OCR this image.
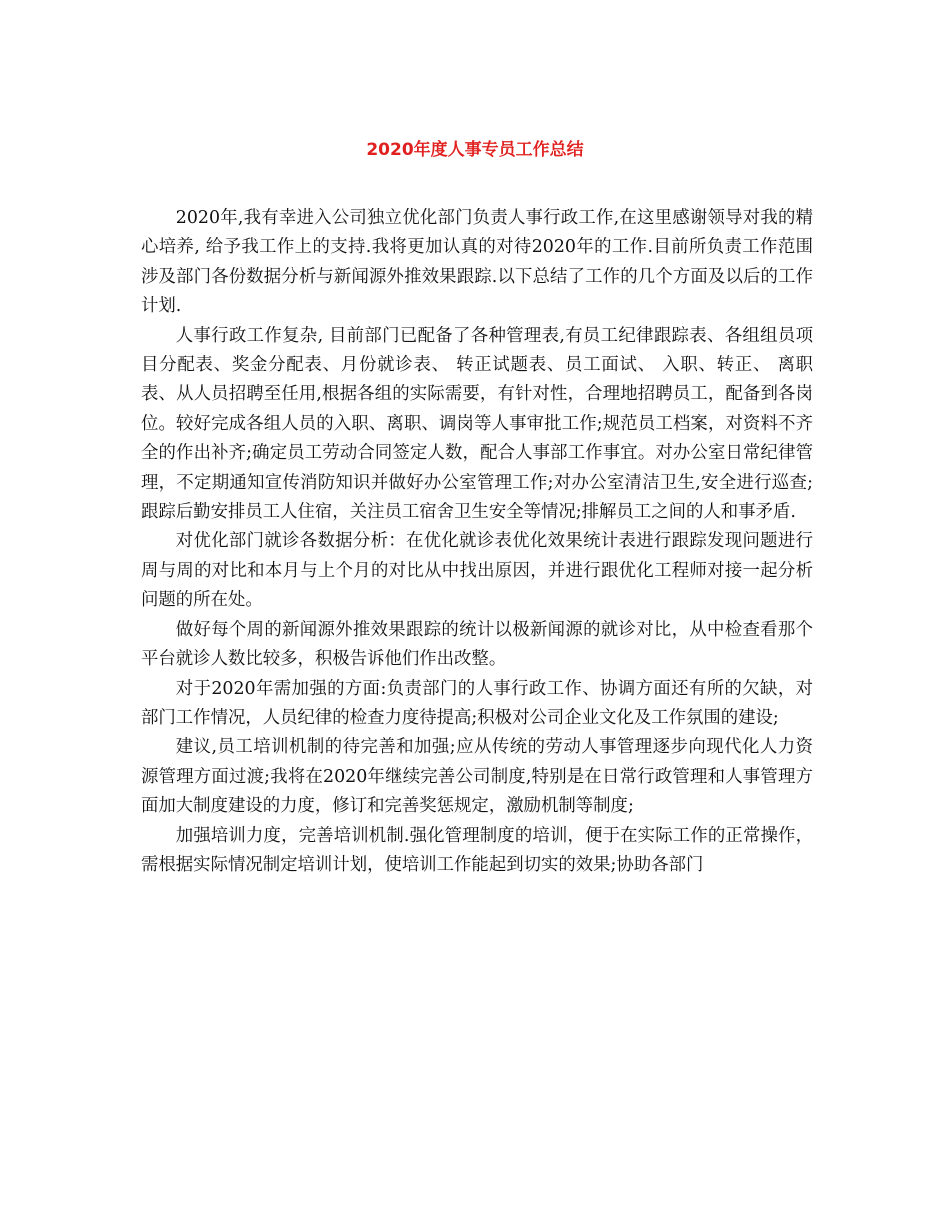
2020年度人事专员工作总结

2020年,我有幸进入公司独立优化部门负责人事行政工作,在这里感谢领导对我的精心培养, 给予我工作上的支持.我将更加认真的对待2020年的工作.目前所负责工作范围涉及部门各份数据分析与新闻源外推效果跟踪.以下总结了工作的几个方面及以后的工作计划.

人事行政工作复杂, 目前部门已配备了各种管理表,有员工纪律跟踪表、各组组员项目分配表、奖金分配表、月份就诊表、 转正试题表、员工面试、 入职、转正、 离职表、从人员招聘至任用,根据各组的实际需要，有针对性，合理地招聘员工，配备到各岗位。较好完成各组人员的入职、离职、调岗等人事审批工作;规范员工档案，对资料不齐全的作出补齐;确定员工劳动合同签定人数，配合人事部工作事宜。对办公室日常纪律管理，不定期通知宣传消防知识并做好办公室管理工作;对办公室清洁卫生,安全进行巡查;跟踪后勤安排员工人住宿，关注员工宿舍卫生安全等情况;排解员工之间的人和事矛盾.

对优化部门就诊各数据分析：在优化就诊表优化效果统计表进行跟踪发现问题进行周与周的对比和本月与上个月的对比从中找出原因，并进行跟优化工程师对接一起分析问题的所在处。

做好每个周的新闻源外推效果跟踪的统计以极新闻源的就诊对比，从中检查看那个平台就诊人数比较多，积极告诉他们作出改整。

对于2020年需加强的方面:负责部门的人事行政工作、协调方面还有所的欠缺，对部门工作情况，人员纪律的检查力度待提高;积极对公司企业文化及工作氛围的建设;

建议,员工培训机制的待完善和加强;应从传统的劳动人事管理逐步向现代化人力资源管理方面过渡;我将在2020年继续完善公司制度,特别是在日常行政管理和人事管理方面加大制度建设的力度，修订和完善奖惩规定，激励机制等制度;

加强培训力度，完善培训机制.强化管理制度的培训，便于在实际工作的正常操作，需根据实际情况制定培训计划，使培训工作能起到切实的效果;协助各部门
